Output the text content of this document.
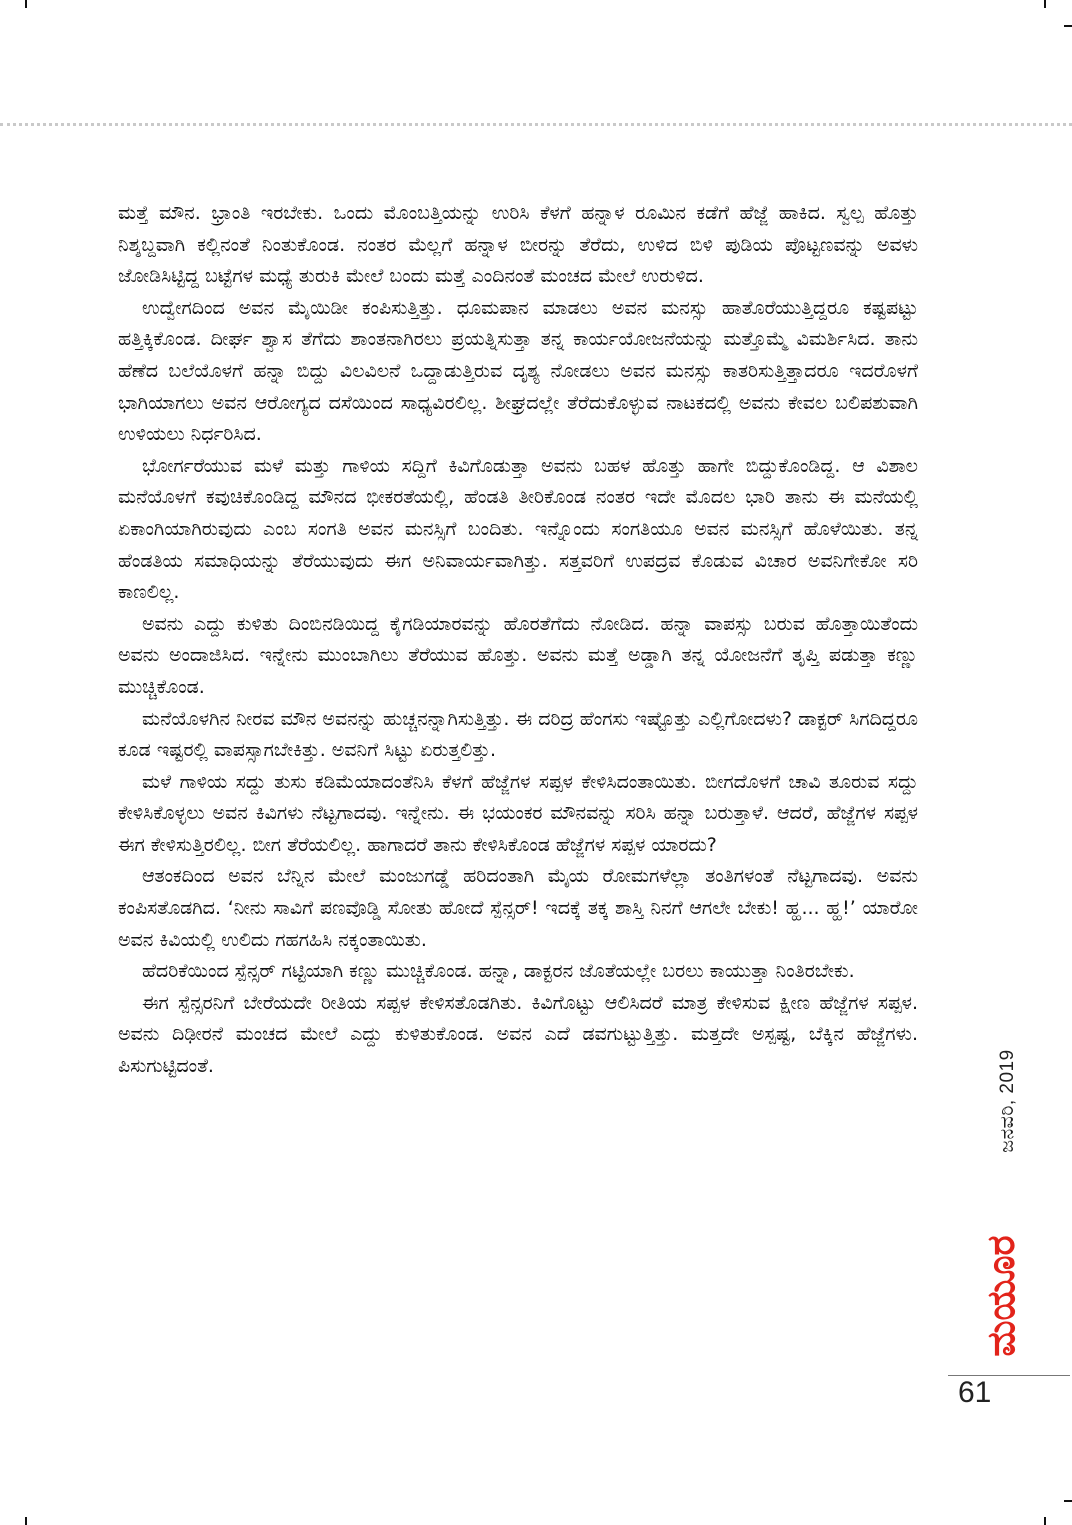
ಮತ್ತೆ ಮೌನ. ಭ್ರಾಂತಿ ಇರಬೇಕು. ಒಂದು ಮೊಂಬತ್ತಿಯನ್ನು ಉರಿಸಿ ಕೆಳಗೆ ಹನ್ನಾಳ ರೂಮಿನ ಕಡೆಗೆ ಹೆಜ್ಜೆ ಹಾಕಿದ. ಸ್ವಲ್ಪ ಹೊತ್ತು ನಿಶ್ಶಬ್ದವಾಗಿ ಕಲ್ಲಿನಂತೆ ನಿಂತುಕೊಂಡ. ನಂತರ ಮೆಲ್ಲಗೆ ಹನ್ನಾಳ ಬೀರನ್ನು ತೆರೆದು, ಉಳಿದ ಬಿಳಿ ಪುಡಿಯ ಪೊಟ್ಟಣವನ್ನು ಅವಳು ಜೋಡಿಸಿಟ್ಟಿದ್ದ ಬಟ್ಟೆಗಳ ಮಧ್ಯೆ ತುರುಕಿ ಮೇಲೆ ಬಂದು ಮತ್ತೆ ಎಂದಿನಂತೆ ಮಂಚದ ಮೇಲೆ ಉರುಳಿದ.

ಉದ್ವೇಗದಿಂದ ಅವನ ಮೈಯಿಡೀ ಕಂಪಿಸುತ್ತಿತ್ತು. ಧೂಮಪಾನ ಮಾಡಲು ಅವನ ಮನಸ್ಸು ಹಾತೊರೆಯುತ್ತಿದ್ದರೂ ಕಷ್ಟಪಟ್ಟು ಹತ್ತಿಕ್ಕಿಕೊಂಡ. ದೀರ್ಘ ಶ್ವಾಸ ತೆಗೆದು ಶಾಂತನಾಗಿರಲು ಪ್ರಯತ್ನಿಸುತ್ತಾ ತನ್ನ ಕಾರ್ಯಯೋಜನೆಯನ್ನು ಮತ್ತೊಮ್ಮೆ ವಿಮರ್ಶಿಸಿದ. ತಾನು ಹೆಣೆದ ಬಲೆಯೊಳಗೆ ಹನ್ನಾ ಬಿದ್ದು ವಿಲವಿಲನೆ ಒದ್ದಾಡುತ್ತಿರುವ ದೃಶ್ಯ ನೋಡಲು ಅವನ ಮನಸ್ಸು ಕಾತರಿಸುತ್ತಿತ್ತಾದರೂ ಇದರೊಳಗೆ ಭಾಗಿಯಾಗಲು ಅವನ ಆರೋಗ್ಯದ ದಸೆಯಿಂದ ಸಾಧ್ಯವಿರಲಿಲ್ಲ. ಶೀಘ್ರದಲ್ಲೇ ತೆರೆದುಕೊಳ್ಳುವ ನಾಟಕದಲ್ಲಿ ಅವನು ಕೇವಲ ಬಲಿಪಶುವಾಗಿ ಉಳಿಯಲು ನಿರ್ಧರಿಸಿದ.

ಭೋರ್ಗರೆಯುವ ಮಳೆ ಮತ್ತು ಗಾಳಿಯ ಸದ್ದಿಗೆ ಕಿವಿಗೊಡುತ್ತಾ ಅವನು ಬಹಳ ಹೊತ್ತು ಹಾಗೇ ಬಿದ್ದುಕೊಂಡಿದ್ದ. ಆ ವಿಶಾಲ ಮನೆಯೊಳಗೆ ಕವುಚಿಕೊಂಡಿದ್ದ ಮೌನದ ಭೀಕರತೆಯಲ್ಲಿ, ಹೆಂಡತಿ ತೀರಿಕೊಂಡ ನಂತರ ಇದೇ ಮೊದಲ ಭಾರಿ ತಾನು ಈ ಮನೆಯಲ್ಲಿ ಏಕಾಂಗಿಯಾಗಿರುವುದು ಎಂಬ ಸಂಗತಿ ಅವನ ಮನಸ್ಸಿಗೆ ಬಂದಿತು. ಇನ್ನೊಂದು ಸಂಗತಿಯೂ ಅವನ ಮನಸ್ಸಿಗೆ ಹೊಳೆಯಿತು. ತನ್ನ ಹೆಂಡತಿಯ ಸಮಾಧಿಯನ್ನು ತೆರೆಯುವುದು ಈಗ ಅನಿವಾರ್ಯವಾಗಿತ್ತು. ಸತ್ತವರಿಗೆ ಉಪದ್ರವ ಕೊಡುವ ವಿಚಾರ ಅವನಿಗೇಕೋ ಸರಿ ಕಾಣಲಿಲ್ಲ.

ಅವನು ಎದ್ದು ಕುಳಿತು ದಿಂಬಿನಡಿಯಿದ್ದ ಕೈಗಡಿಯಾರವನ್ನು ಹೊರತೆಗೆದು ನೋಡಿದ. ಹನ್ನಾ ವಾಪಸ್ಸು ಬರುವ ಹೊತ್ತಾಯಿತೆಂದು ಅವನು ಅಂದಾಜಿಸಿದ. ಇನ್ನೇನು ಮುಂಬಾಗಿಲು ತೆರೆಯುವ ಹೊತ್ತು. ಅವನು ಮತ್ತೆ ಅಡ್ಡಾಗಿ ತನ್ನ ಯೋಜನೆಗೆ ತೃಪ್ತಿ ಪಡುತ್ತಾ ಕಣ್ಣು ಮುಚ್ಚಿಕೊಂಡ.

ಮನೆಯೊಳಗಿನ ನೀರವ ಮೌನ ಅವನನ್ನು ಹುಚ್ಚನನ್ನಾಗಿಸುತ್ತಿತ್ತು. ಈ ದರಿದ್ರ ಹೆಂಗಸು ಇಷ್ಟೊತ್ತು ಎಲ್ಲಿಗೋದಳು? ಡಾಕ್ಟರ್ ಸಿಗದಿದ್ದರೂ ಕೂಡ ಇಷ್ಟರಲ್ಲಿ ವಾಪಸ್ಸಾಗಬೇಕಿತ್ತು. ಅವನಿಗೆ ಸಿಟ್ಟು ಏರುತ್ತಲಿತ್ತು.

ಮಳೆ ಗಾಳಿಯ ಸದ್ದು ತುಸು ಕಡಿಮೆಯಾದಂತೆನಿಸಿ ಕೆಳಗೆ ಹೆಜ್ಜೆಗಳ ಸಪ್ಪಳ ಕೇಳಿಸಿದಂತಾಯಿತು. ಬೀಗದೊಳಗೆ ಚಾವಿ ತೂರುವ ಸದ್ದು ಕೇಳಿಸಿಕೊಳ್ಳಲು ಅವನ ಕಿವಿಗಳು ನೆಟ್ಟಗಾದವು. ಇನ್ನೇನು. ಈ ಭಯಂಕರ ಮೌನವನ್ನು ಸರಿಸಿ ಹನ್ನಾ ಬರುತ್ತಾಳೆ. ಆದರೆ, ಹೆಜ್ಜೆಗಳ ಸಪ್ಪಳ ಈಗ ಕೇಳಿಸುತ್ತಿರಲಿಲ್ಲ. ಬೀಗ ತೆರೆಯಲಿಲ್ಲ. ಹಾಗಾದರೆ ತಾನು ಕೇಳಿಸಿಕೊಂಡ ಹೆಜ್ಜೆಗಳ ಸಪ್ಪಳ ಯಾರದು?

ಆತಂಕದಿಂದ ಅವನ ಬೆನ್ನಿನ ಮೇಲೆ ಮಂಜುಗಡ್ಡೆ ಹರಿದಂತಾಗಿ ಮೈಯ ರೋಮಗಳೆಲ್ಲಾ ತಂತಿಗಳಂತೆ ನೆಟ್ಟಗಾದವು. ಅವನು ಕಂಪಿಸತೊಡಗಿದ. ‘ನೀನು ಸಾವಿಗೆ ಪಣವೊಡ್ಡಿ ಸೋತು ಹೋದೆ ಸ್ಪೆನ್ಸರ್! ಇದಕ್ಕೆ ತಕ್ಕ ಶಾಸ್ತಿ ನಿನಗೆ ಆಗಲೇ ಬೇಕು! ಹ್ಹ... ಹ್ಹ!’ ಯಾರೋ ಅವನ ಕಿವಿಯಲ್ಲಿ ಉಲಿದು ಗಹಗಹಿಸಿ ನಕ್ಕಂತಾಯಿತು.

ಹೆದರಿಕೆಯಿಂದ ಸ್ಪೆನ್ಸರ್ ಗಟ್ಟಿಯಾಗಿ ಕಣ್ಣು ಮುಚ್ಚಿಕೊಂಡ. ಹನ್ನಾ, ಡಾಕ್ಟರನ ಜೊತೆಯಲ್ಲೇ ಬರಲು ಕಾಯುತ್ತಾ ನಿಂತಿರಬೇಕು.

ಈಗ ಸ್ಪೆನ್ಸರನಿಗೆ ಬೇರೆಯದೇ ರೀತಿಯ ಸಪ್ಪಳ ಕೇಳಿಸತೊಡಗಿತು. ಕಿವಿಗೊಟ್ಟು ಆಲಿಸಿದರೆ ಮಾತ್ರ ಕೇಳಿಸುವ ಕ್ಷೀಣ ಹೆಜ್ಜೆಗಳ ಸಪ್ಪಳ. ಅವನು ದಿಢೀರನೆ ಮಂಚದ ಮೇಲೆ ಎದ್ದು ಕುಳಿತುಕೊಂಡ. ಅವನ ಎದೆ ಡವಗುಟ್ಟುತ್ತಿತ್ತು. ಮತ್ತದೇ ಅಸ್ಪಷ್ಟ, ಬೆಕ್ಕಿನ ಹೆಜ್ಜೆಗಳು. ಪಿಸುಗುಟ್ಟಿದಂತೆ.	ಜನವರಿ, 2019
ಮಯೂರ
61
